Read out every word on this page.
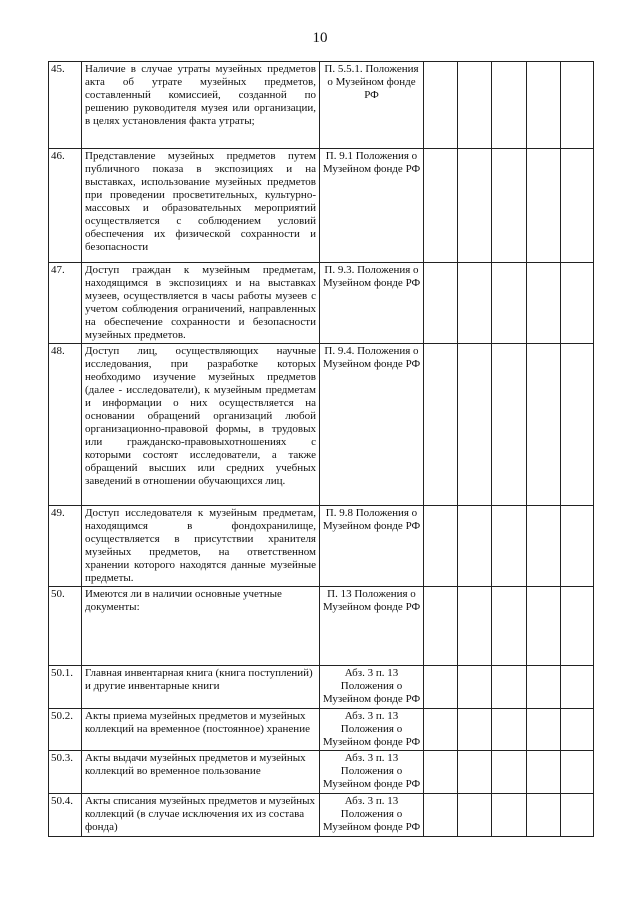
10
45.	Наличие в случае утраты музейных предметов акта об утрате музейных предметов, составленный комиссией, созданной по решению руководителя музея или организации, в целях установления факта утраты;	П. 5.5.1. Положения о Музейном фонде РФ					
46.	Представление музейных предметов путем публичного показа в экспозициях и на выставках, использование музейных предметов при проведении просветительных, культурно-массовых и образовательных мероприятий осуществляется с соблюдением условий обеспечения их физической сохранности и безопасности	П. 9.1 Положения о Музейном фонде РФ					
47.	Доступ граждан к музейным предметам, находящимся в экспозициях и на выставках музеев, осуществляется в часы работы музеев с учетом соблюдения ограничений, направленных на обеспечение сохранности и безопасности музейных предметов.	П. 9.3. Положения о Музейном фонде РФ					
48.	Доступ лиц, осуществляющих научные исследования, при разработке которых необходимо изучение музейных предметов (далее - исследователи), к музейным предметам и информации о них осуществляется на основании обращений организаций любой организационно-правовой формы, в трудовых или гражданско-правовыхотношениях с которыми состоят исследователи, а также обращений высших или средних учебных заведений в отношении обучающихся лиц.	П. 9.4. Положения о Музейном фонде РФ					
49.	Доступ исследователя к музейным предметам, находящимся в фондохранилище, осуществляется в присутствии хранителя музейных предметов, на ответственном хранении которого находятся данные музейные предметы.	П. 9.8 Положения о Музейном фонде РФ					
50.	Имеются ли в наличии основные учетные документы:	П. 13 Положения о Музейном фонде РФ					
50.1.	Главная инвентарная книга (книга поступлений) и другие инвентарные книги	Абз. 3 п. 13 Положения о Музейном фонде РФ					
50.2.	Акты приема музейных предметов и музейных коллекций на временное (постоянное) хранение	Абз. 3 п. 13 Положения о Музейном фонде РФ					
50.3.	Акты выдачи музейных предметов и музейных коллекций во временное пользование	Абз. 3 п. 13 Положения о Музейном фонде РФ					
50.4.	Акты списания музейных предметов и музейных коллекций (в случае исключения их из состава фонда)	Абз. 3 п. 13 Положения о Музейном фонде РФ					
